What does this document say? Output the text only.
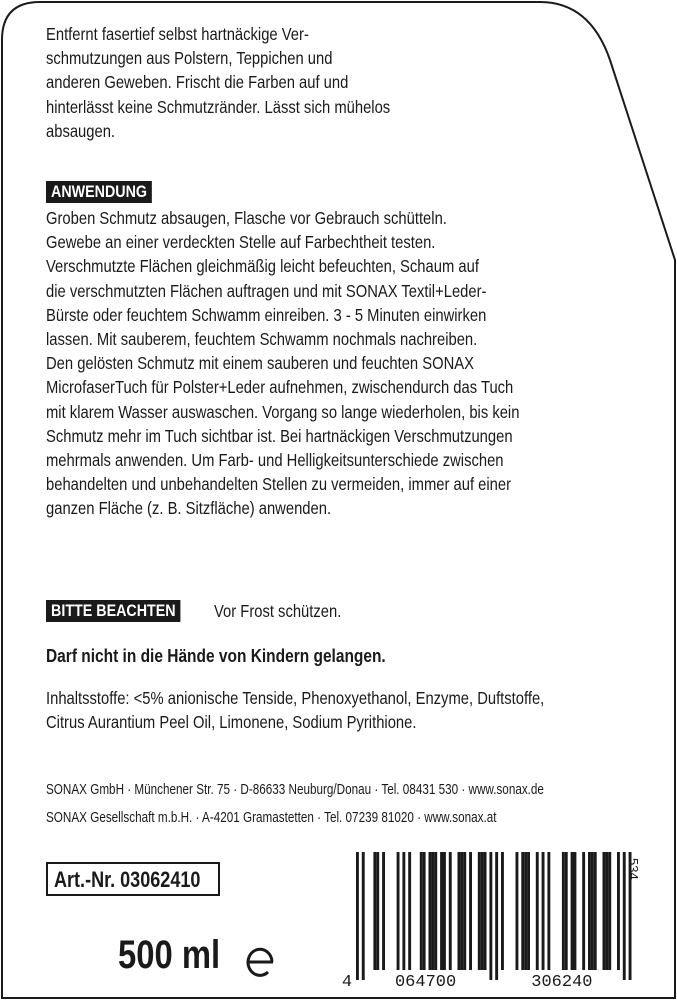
Entfernt fasertief selbst hartnäckige Ver-
schmutzungen aus Polstern, Teppichen und
anderen Geweben. Frischt die Farben auf und
hinterlässt keine Schmutzränder. Lässt sich mühelos
absaugen.

ANWENDUNG

Groben Schmutz absaugen, Flasche vor Gebrauch schütteln.
Gewebe an einer verdeckten Stelle auf Farbechtheit testen.
Verschmutzte Flächen gleichmäßig leicht befeuchten, Schaum auf
die verschmutzten Flächen auftragen und mit SONAX Textil+Leder-
Bürste oder feuchtem Schwamm einreiben. 3 - 5 Minuten einwirken
lassen. Mit sauberem, feuchtem Schwamm nochmals nachreiben.
Den gelösten Schmutz mit einem sauberen und feuchten SONAX
MicrofaserTuch für Polster+Leder aufnehmen, zwischendurch das Tuch
mit klarem Wasser auswaschen. Vorgang so lange wiederholen, bis kein
Schmutz mehr im Tuch sichtbar ist. Bei hartnäckigen Verschmutzungen
mehrmals anwenden. Um Farb- und Helligkeitsunterschiede zwischen
behandelten und unbehandelten Stellen zu vermeiden, immer auf einer
ganzen Fläche (z. B. Sitzfläche) anwenden.

BITTE BEACHTEN Vor Frost schützen.
Darf nicht in die Hände von Kindern gelangen.

Inhaltsstoffe: <5% anionische Tenside, Phenoxyethanol, Enzyme, Duftstoffe,
Citrus Aurantium Peel Oil, Limonene, Sodium Pyrithione.

SONAX GmbH · Münchener Str. 75 · D-86633 Neuburg/Donau · Tel. 08431 530 · www.sonax.de
SONAX Gesellschaft m.b.H. · A-4201 Gramastetten · Tel. 07239 81020 · www.sonax.at
Art.-Nr. 03062410
500 ml
4	064700	306240
534
